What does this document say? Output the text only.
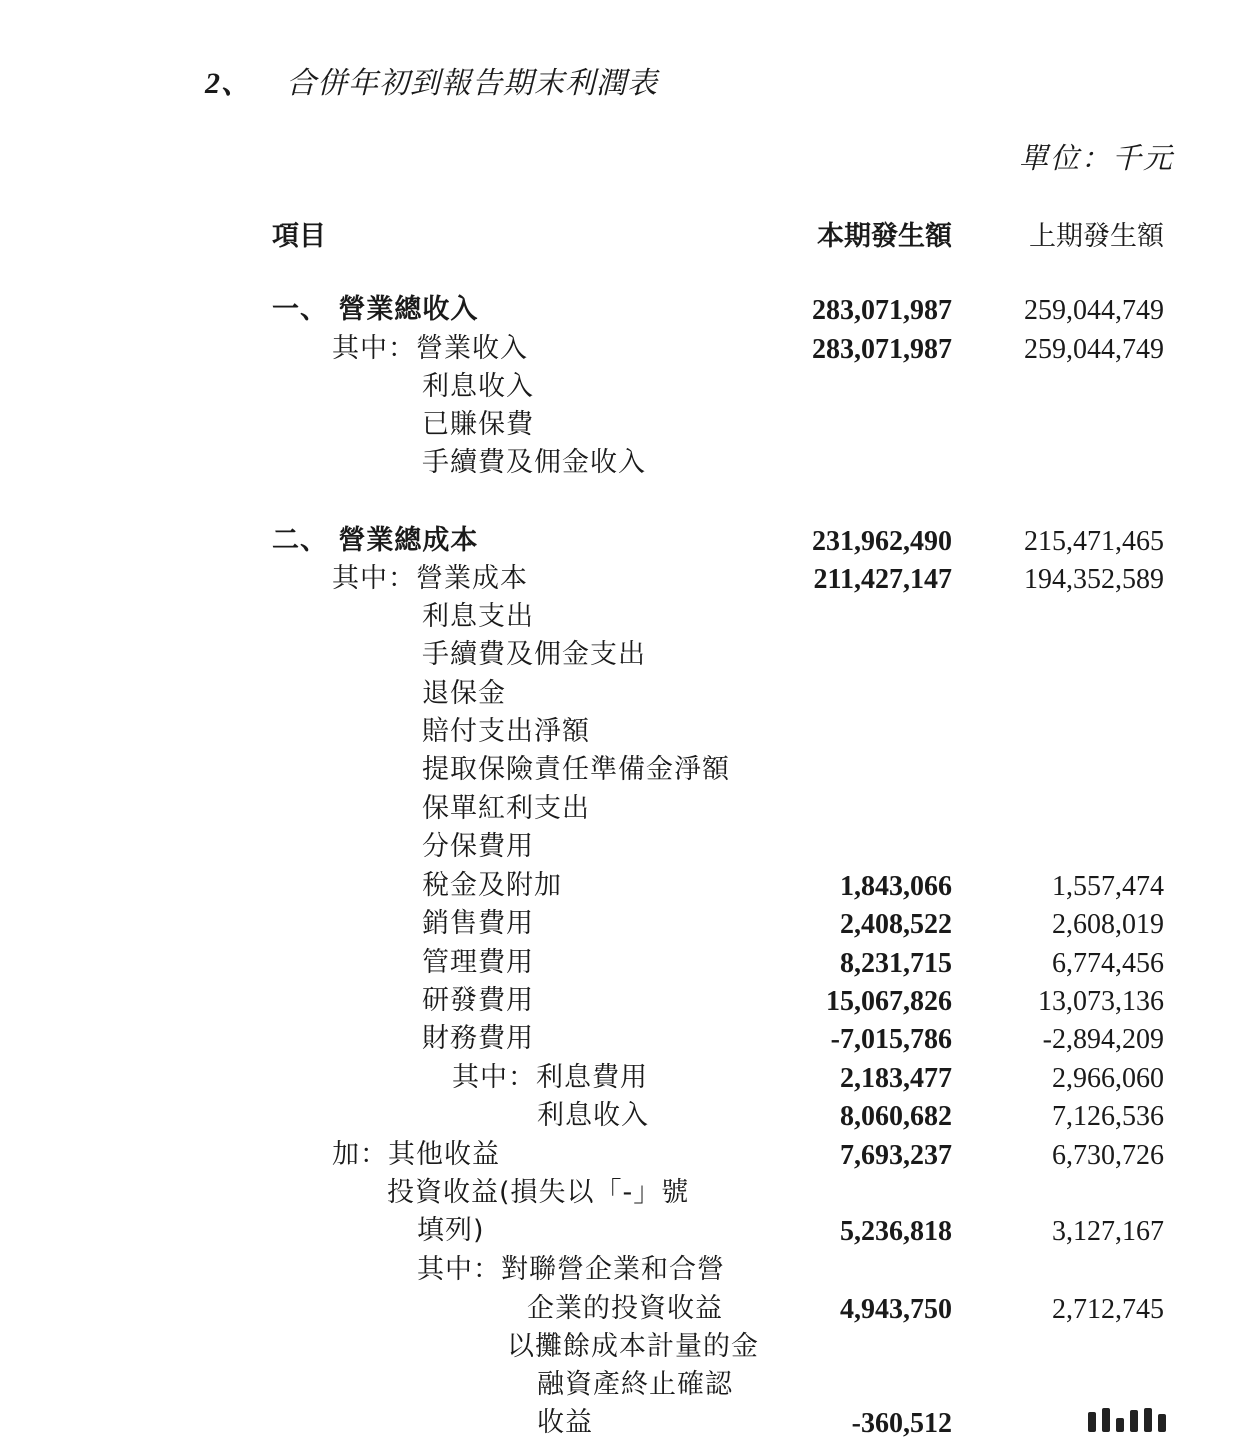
2、 合併年初到報告期末利潤表
單位：千元
項目	本期發生額	上期發生額
一、 營業總收入	283,071,987	259,044,749
其中：營業收入	283,071,987	259,044,749
利息收入
已賺保費
手續費及佣金收入
二、 營業總成本	231,962,490	215,471,465
其中：營業成本	211,427,147	194,352,589
利息支出
手續費及佣金支出
退保金
賠付支出淨額
提取保險責任準備金淨額
保單紅利支出
分保費用
稅金及附加	1,843,066	1,557,474
銷售費用	2,408,522	2,608,019
管理費用	8,231,715	6,774,456
研發費用	15,067,826	13,073,136
財務費用	-7,015,786	-2,894,209
其中：利息費用	2,183,477	2,966,060
利息收入	8,060,682	7,126,536
加：其他收益	7,693,237	6,730,726
投資收益(損失以「-」號
填列)	5,236,818	3,127,167
其中：對聯營企業和合營
企業的投資收益	4,943,750	2,712,745
以攤餘成本計量的金
融資產終止確認
收益	-360,512
